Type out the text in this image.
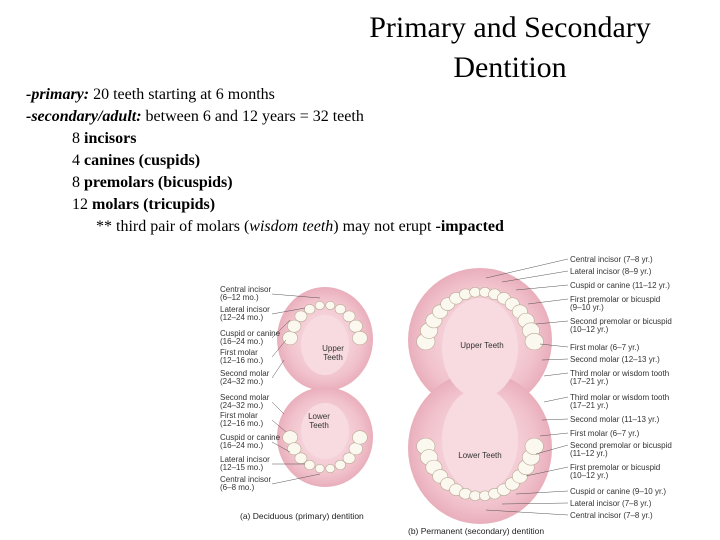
Primary and Secondary
Dentition
-primary: 20 teeth starting at 6 months
-secondary/adult: between 6 and 12 years = 32 teeth
8 incisors
4 canines (cuspids)
8 premolars (bicuspids)
12 molars (tricupids)
** third pair of molars (wisdom teeth) may not erupt -impacted
Upper Teeth
Lower Teeth
Central incisor (6–12 mo.)
Lateral incisor (12–24 mo.)
Cuspid or canine (16–24 mo.)
First molar (12–16 mo.)
Second molar (24–32 mo.)
Second molar (24–32 mo.)
First molar (12–16 mo.)
Cuspid or canine (16–24 mo.)
Lateral incisor (12–15 mo.)
Central incisor (6–8 mo.)
(a) Deciduous (primary) dentition
Upper Teeth
Lower Teeth
Central incisor (7–8 yr.)
Lateral incisor (8–9 yr.)
Cuspid or canine (11–12 yr.)
First premolar or bicuspid (9–10 yr.)
Second premolar or bicuspid (10–12 yr.)
First molar (6–7 yr.)
Second molar (12–13 yr.)
Third molar or wisdom tooth (17–21 yr.)
Third molar or wisdom tooth (17–21 yr.)
Second molar (11–13 yr.)
First molar (6–7 yr.)
Second premolar or bicuspid (11–12 yr.)
First premolar or bicuspid (10–12 yr.)
Cuspid or canine (9–10 yr.)
Lateral incisor (7–8 yr.)
Central incisor (7–8 yr.)
(b) Permanent (secondary) dentition
